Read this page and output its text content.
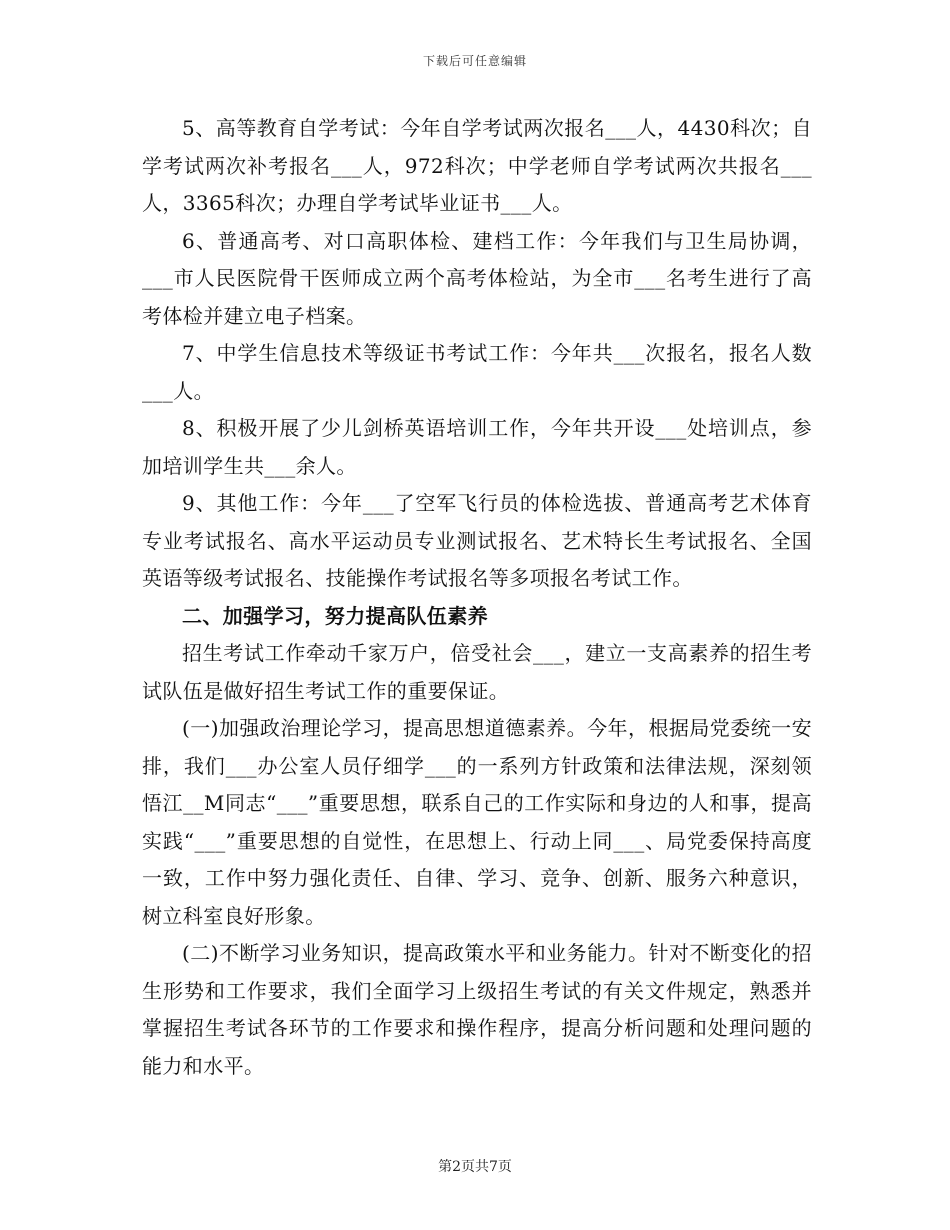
下载后可任意编辑

5、高等教育自学考试：今年自学考试两次报名___人，4430科次；自学考试两次补考报名___人，972科次；中学老师自学考试两次共报名___人，3365科次；办理自学考试毕业证书___人。

6、普通高考、对口高职体检、建档工作：今年我们与卫生局协调，___市人民医院骨干医师成立两个高考体检站，为全市___名考生进行了高考体检并建立电子档案。

7、中学生信息技术等级证书考试工作：今年共___次报名，报名人数___人。

8、积极开展了少儿剑桥英语培训工作，今年共开设___处培训点，参加培训学生共___余人。

9、其他工作：今年___了空军飞行员的体检选拔、普通高考艺术体育专业考试报名、高水平运动员专业测试报名、艺术特长生考试报名、全国英语等级考试报名、技能操作考试报名等多项报名考试工作。

二、加强学习，努力提高队伍素养

招生考试工作牵动千家万户，倍受社会___，建立一支高素养的招生考试队伍是做好招生考试工作的重要保证。

(一)加强政治理论学习，提高思想道德素养。今年，根据局党委统一安排，我们___办公室人员仔细学___的一系列方针政策和法律法规，深刻领悟江__M同志“___”重要思想，联系自己的工作实际和身边的人和事，提高实践“___”重要思想的自觉性，在思想上、行动上同___、局党委保持高度一致，工作中努力强化责任、自律、学习、竞争、创新、服务六种意识，树立科室良好形象。

(二)不断学习业务知识，提高政策水平和业务能力。针对不断变化的招生形势和工作要求，我们全面学习上级招生考试的有关文件规定，熟悉并掌握招生考试各环节的工作要求和操作程序，提高分析问题和处理问题的能力和水平。

第2页共7页
